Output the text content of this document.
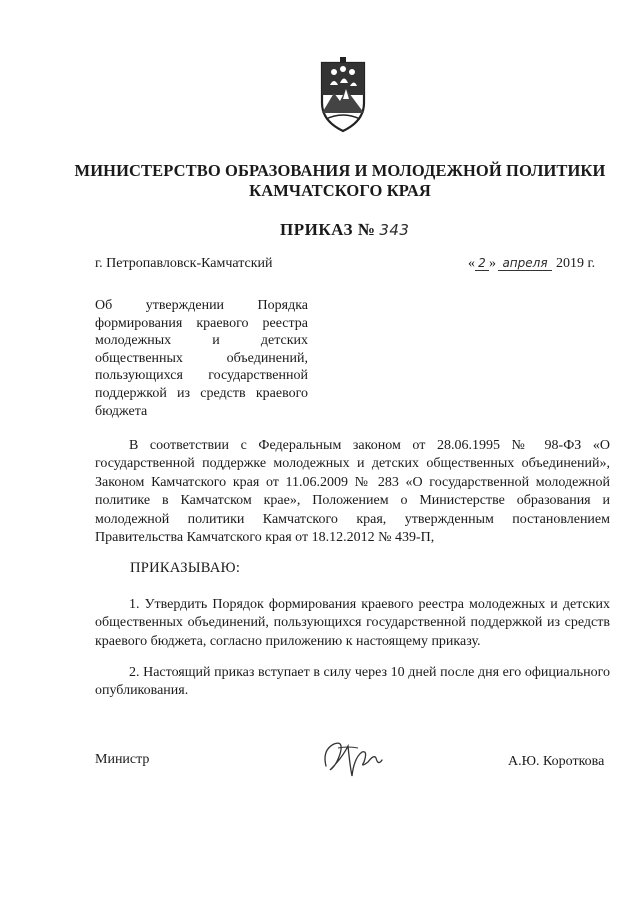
МИНИСТЕРСТВО ОБРАЗОВАНИЯ И МОЛОДЕЖНОЙ ПОЛИТИКИ
КАМЧАТСКОГО КРАЯ
ПРИКАЗ № 343
г. Петропавловск-Камчатский	« 2 » апреля 2019 г.
Об утверждении Порядка формирования краевого реестра молодежных и детских общественных объединений, пользующихся государственной поддержкой из средств краевого бюджета
В соответствии с Федеральным законом от 28.06.1995 № 98-ФЗ «О государственной поддержке молодежных и детских общественных объединений», Законом Камчатского края от 11.06.2009 № 283 «О государственной молодежной политике в Камчатском крае», Положением о Министерстве образования и молодежной политики Камчатского края, утвержденным постановлением Правительства Камчатского края от 18.12.2012 № 439-П,
ПРИКАЗЫВАЮ:
1. Утвердить Порядок формирования краевого реестра молодежных и детских общественных объединений, пользующихся государственной поддержкой из средств краевого бюджета, согласно приложению к настоящему приказу.
2. Настоящий приказ вступает в силу через 10 дней после дня его официального опубликования.
Министр	А.Ю. Короткова
